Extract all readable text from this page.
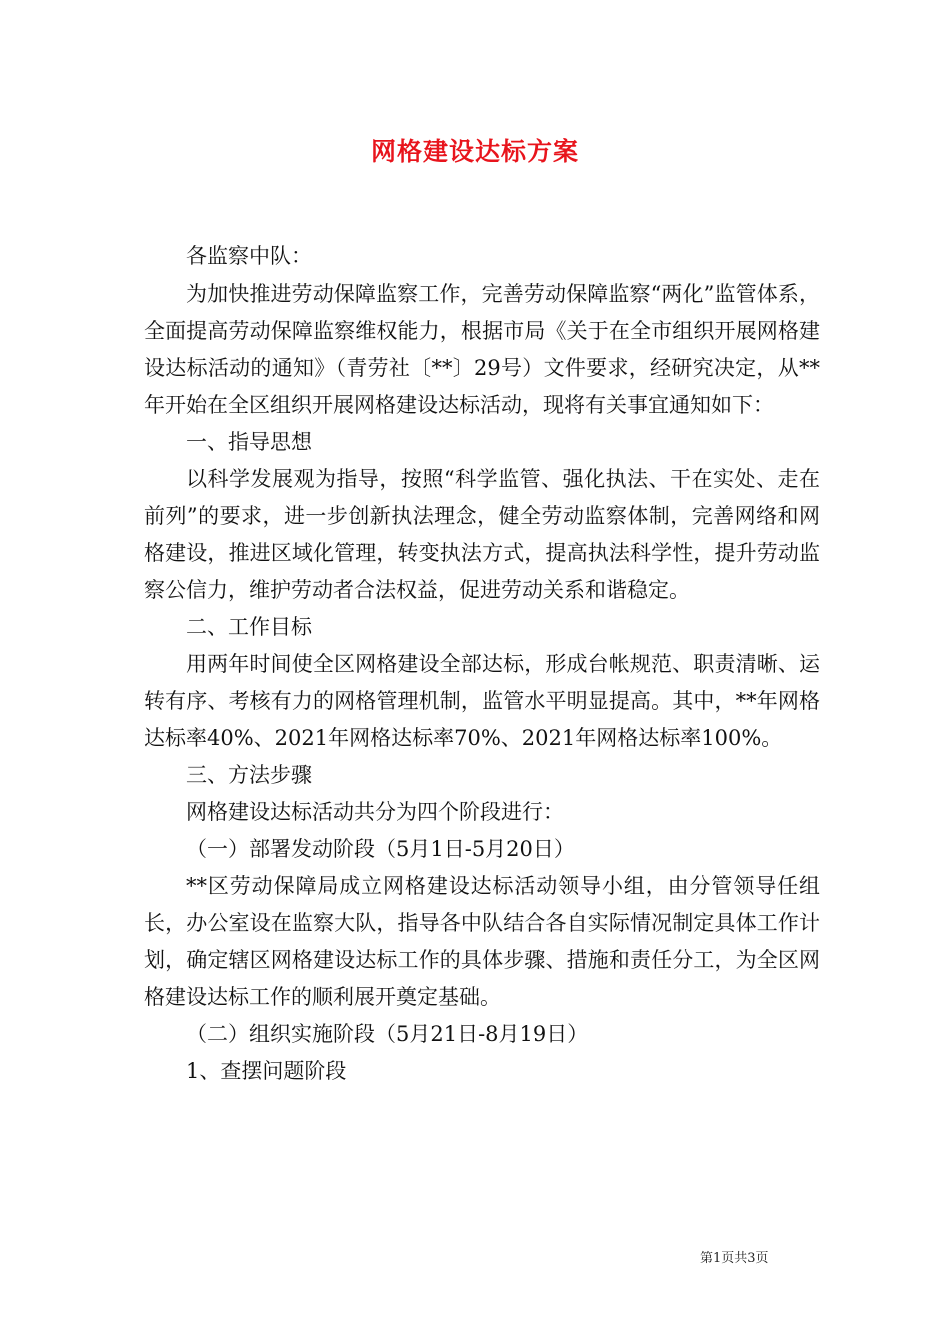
网格建设达标方案

各监察中队：

为加快推进劳动保障监察工作，完善劳动保障监察“两化”监管体系，全面提高劳动保障监察维权能力，根据市局《关于在全市组织开展网格建设达标活动的通知》（青劳社〔**〕29号）文件要求，经研究决定，从**年开始在全区组织开展网格建设达标活动，现将有关事宜通知如下：

一、指导思想

以科学发展观为指导，按照“科学监管、强化执法、干在实处、走在前列”的要求，进一步创新执法理念，健全劳动监察体制，完善网络和网格建设，推进区域化管理，转变执法方式，提高执法科学性，提升劳动监察公信力，维护劳动者合法权益，促进劳动关系和谐稳定。

二、工作目标

用两年时间使全区网格建设全部达标，形成台帐规范、职责清晰、运转有序、考核有力的网格管理机制，监管水平明显提高。其中，**年网格达标率40%、2021年网格达标率70%、2021年网格达标率100%。

三、方法步骤

网格建设达标活动共分为四个阶段进行：

（一）部署发动阶段（5月1日-5月20日）

**区劳动保障局成立网格建设达标活动领导小组，由分管领导任组长，办公室设在监察大队，指导各中队结合各自实际情况制定具体工作计划，确定辖区网格建设达标工作的具体步骤、措施和责任分工，为全区网格建设达标工作的顺利展开奠定基础。

（二）组织实施阶段（5月21日-8月19日）

1、查摆问题阶段

第1页共3页
